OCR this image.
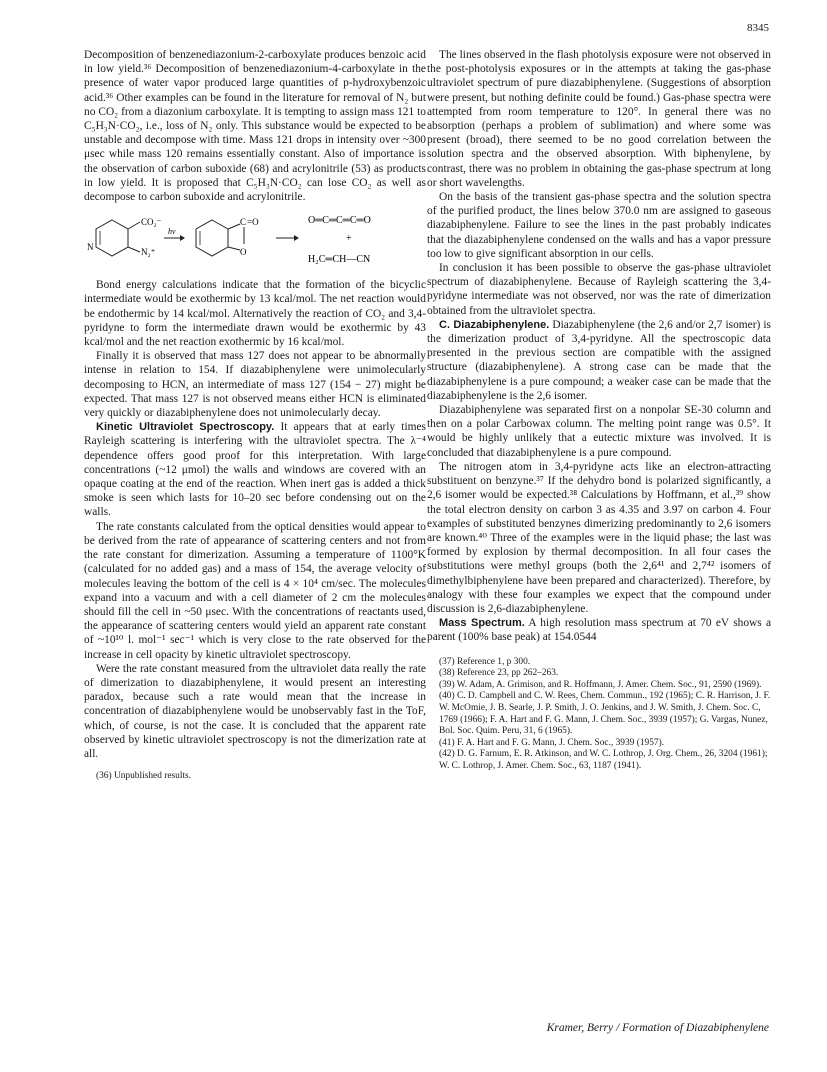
8345

Decomposition of benzenediazonium-2-carboxylate produces benzoic acid in low yield.³⁶ Decomposition of benzenediazonium-4-carboxylate in the presence of water vapor produced large quantities of p-hydroxybenzoic acid.³⁶ Other examples can be found in the literature for removal of N₂ but no CO₂ from a diazonium carboxylate. It is tempting to assign mass 121 to C₅H₃N·CO₂, i.e., loss of N₂ only. This substance would be expected to be unstable and decompose with time. Mass 121 drops in intensity over ~300 μsec while mass 120 remains essentially constant. Also of importance is the observation of carbon suboxide (68) and acrylonitrile (53) as products in low yield. It is proposed that C₅H₃N·CO₂ can lose CO₂ as well as decompose to carbon suboxide and acrylonitrile.

CO₂⁻
N	N₂⁺
hν
C =O
O
O═C═C═C═O
+
H₂C═CH—CN

Bond energy calculations indicate that the formation of the bicyclic intermediate would be exothermic by 13 kcal/mol. The net reaction would be endothermic by 14 kcal/mol. Alternatively the reaction of CO₂ and 3,4-pyridyne to form the intermediate drawn would be exothermic by 43 kcal/mol and the net reaction exothermic by 16 kcal/mol.

Finally it is observed that mass 127 does not appear to be abnormally intense in relation to 154. If diazabiphenylene were unimolecularly decomposing to HCN, an intermediate of mass 127 (154 − 27) might be expected. That mass 127 is not observed means either HCN is eliminated very quickly or diazabiphenylene does not unimolecularly decay.

Kinetic Ultraviolet Spectroscopy. It appears that at early times Rayleigh scattering is interfering with the ultraviolet spectra. The λ⁻⁴ dependence offers good proof for this interpretation. With large concentrations (~12 μmol) the walls and windows are covered with an opaque coating at the end of the reaction. When inert gas is added a thick smoke is seen which lasts for 10–20 sec before condensing out on the walls.

The rate constants calculated from the optical densities would appear to be derived from the rate of appearance of scattering centers and not from the rate constant for dimerization. Assuming a temperature of 1100°K (calculated for no added gas) and a mass of 154, the average velocity of molecules leaving the bottom of the cell is 4 × 10⁴ cm/sec. The molecules expand into a vacuum and with a cell diameter of 2 cm the molecules should fill the cell in ~50 μsec. With the concentrations of reactants used, the appearance of scattering centers would yield an apparent rate constant of ~10¹⁰ l. mol⁻¹ sec⁻¹ which is very close to the rate observed for the increase in cell opacity by kinetic ultraviolet spectroscopy.

Were the rate constant measured from the ultraviolet data really the rate of dimerization to diazabiphenylene, it would present an interesting paradox, because such a rate would mean that the increase in concentration of diazabiphenylene would be unobservably fast in the ToF, which, of course, is not the case. It is concluded that the apparent rate observed by kinetic ultraviolet spectroscopy is not the dimerization rate at all.

(36) Unpublished results.

The lines observed in the flash photolysis exposure were not observed in the post-photolysis exposures or in the attempts at taking the gas-phase ultraviolet spectrum of pure diazabiphenylene. (Suggestions of absorption were present, but nothing definite could be found.) Gas-phase spectra were attempted from room temperature to 120°. In general there was no absorption (perhaps a problem of sublimation) and where some was present (broad), there seemed to be no good correlation between the solution spectra and the observed absorption. With biphenylene, by contrast, there was no problem in obtaining the gas-phase spectrum at long or short wavelengths.

On the basis of the transient gas-phase spectra and the solution spectra of the purified product, the lines below 370.0 nm are assigned to gaseous diazabiphenylene. Failure to see the lines in the past probably indicates that the diazabiphenylene condensed on the walls and has a vapor pressure too low to give significant absorption in our cells.

In conclusion it has been possible to observe the gas-phase ultraviolet spectrum of diazabiphenylene. Because of Rayleigh scattering the 3,4-pyridyne intermediate was not observed, nor was the rate of dimerization obtained from the ultraviolet spectra.

C. Diazabiphenylene. Diazabiphenylene (the 2,6 and/or 2,7 isomer) is the dimerization product of 3,4-pyridyne. All the spectroscopic data presented in the previous section are compatible with the assigned structure (diazabiphenylene). A strong case can be made that the diazabiphenylene is a pure compound; a weaker case can be made that the diazabiphenylene is the 2,6 isomer.

Diazabiphenylene was separated first on a nonpolar SE-30 column and then on a polar Carbowax column. The melting point range was 0.5°. It would be highly unlikely that a eutectic mixture was involved. It is concluded that diazabiphenylene is a pure compound.

The nitrogen atom in 3,4-pyridyne acts like an electron-attracting substituent on benzyne.³⁷ If the dehydro bond is polarized significantly, a 2,6 isomer would be expected.³⁸ Calculations by Hoffmann, et al.,³⁹ show the total electron density on carbon 3 as 4.35 and 3.97 on carbon 4. Four examples of substituted benzynes dimerizing predominantly to 2,6 isomers are known.⁴⁰ Three of the examples were in the liquid phase; the last was formed by explosion by thermal decomposition. In all four cases the substitutions were methyl groups (both the 2,6⁴¹ and 2,7⁴² isomers of dimethylbiphenylene have been prepared and characterized). Therefore, by analogy with these four examples we expect that the compound under discussion is 2,6-diazabiphenylene.

Mass Spectrum. A high resolution mass spectrum at 70 eV shows a parent (100% base peak) at 154.0544

(37) Reference 1, p 300.

(38) Reference 23, pp 262–263.

(39) W. Adam, A. Grimison, and R. Hoffmann, J. Amer. Chem. Soc., 91, 2590 (1969).

(40) C. D. Campbell and C. W. Rees, Chem. Commun., 192 (1965); C. R. Harrison, J. F. W. McOmie, J. B. Searle, J. P. Smith, J. O. Jenkins, and J. W. Smith, J. Chem. Soc. C, 1769 (1966); F. A. Hart and F. G. Mann, J. Chem. Soc., 3939 (1957); G. Vargas, Nunez, Bol. Soc. Quim. Peru, 31, 6 (1965).

(41) F. A. Hart and F. G. Mann, J. Chem. Soc., 3939 (1957).

(42) D. G. Farnum, E. R. Atkinson, and W. C. Lothrop, J. Org. Chem., 26, 3204 (1961); W. C. Lothrop, J. Amer. Chem. Soc., 63, 1187 (1941).

Kramer, Berry / Formation of Diazabiphenylene
